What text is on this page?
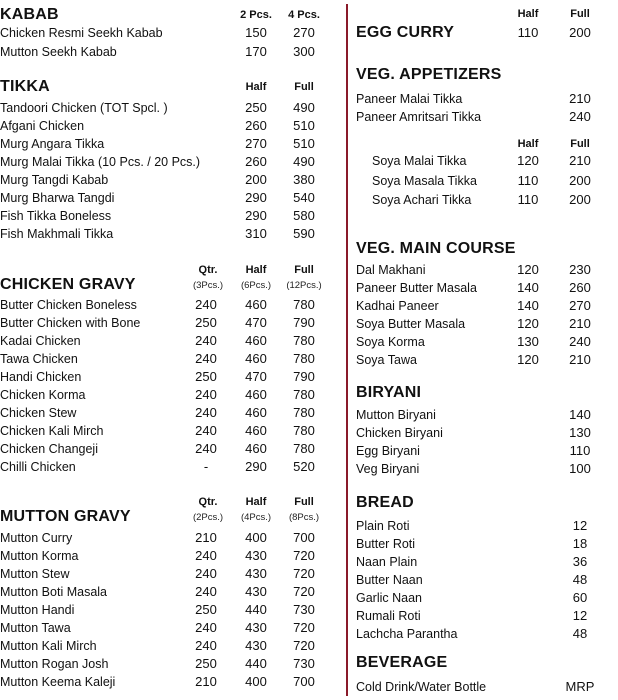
KABAB	2 Pcs.	4 Pcs.
Chicken Resmi Seekh Kabab	150	270
Mutton Seekh Kabab	170	300
TIKKA	Half	Full
Tandoori Chicken (TOT Spcl. )	250	490
Afgani Chicken	260	510
Murg Angara Tikka	270	510
Murg Malai Tikka (10 Pcs. / 20 Pcs.)	260	490
Murg Tangdi Kabab	200	380
Murg Bharwa Tangdi	290	540
Fish Tikka Boneless	290	580
Fish Makhmali Tikka	310	590
CHICKEN GRAVY
Qtr.	Half	Full
(3Pcs.)	(6Pcs.)	(12Pcs.)
Butter Chicken Boneless	240	460	780
Butter Chicken with Bone	250	470	790
Kadai Chicken	240	460	780
Tawa Chicken	240	460	780
Handi Chicken	250	470	790
Chicken Korma	240	460	780
Chicken Stew	240	460	780
Chicken Kali Mirch	240	460	780
Chicken Changeji	240	460	780
Chilli Chicken	-	290	520
MUTTON GRAVY
Qtr.	Half	Full
(2Pcs.)	(4Pcs.)	(8Pcs.)
Mutton Curry	210	400	700
Mutton Korma	240	430	720
Mutton Stew	240	430	720
Mutton Boti Masala	240	430	720
Mutton Handi	250	440	730
Mutton Tawa	240	430	720
Mutton Kali Mirch	240	430	720
Mutton Rogan Josh	250	440	730
Mutton Keema Kaleji	210	400	700
Half	Full
EGG CURRY	110	200
VEG. APPETIZERS
Paneer Malai Tikka	210
Paneer Amritsari Tikka	240
Half	Full
Soya Malai Tikka	120	210
Soya Masala Tikka	110	200
Soya Achari Tikka	110	200
VEG. MAIN COURSE
Dal Makhani	120	230
Paneer Butter Masala	140	260
Kadhai Paneer	140	270
Soya Butter Masala	120	210
Soya Korma	130	240
Soya Tawa	120	210
BIRYANI
Mutton Biryani	140
Chicken Biryani	130
Egg Biryani	110
Veg Biryani	100
BREAD
Plain Roti	12
Butter Roti	18
Naan Plain	36
Butter Naan	48
Garlic Naan	60
Rumali Roti	12
Lachcha Parantha	48
BEVERAGE
Cold Drink/Water Bottle	MRP
